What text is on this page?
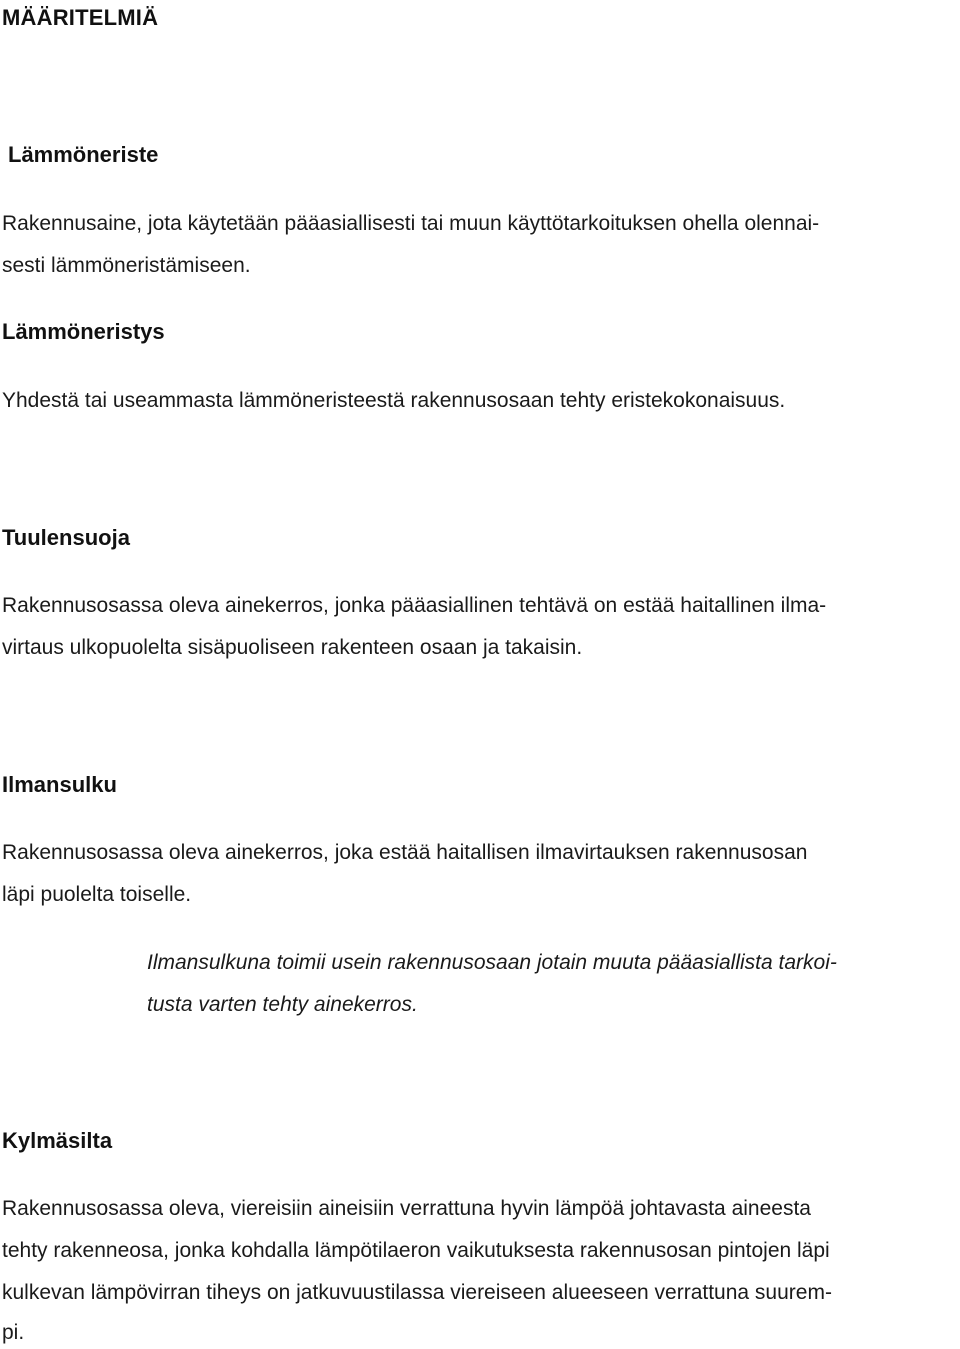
MÄÄRITELMIÄ

Lämmöneriste

Rakennusaine, jota käytetään pääasiallisesti tai muun käyttötarkoituksen ohella olennai-

sesti lämmöneristämiseen.

Lämmöneristys

Yhdestä tai useammasta lämmöneristeestä rakennusosaan tehty eristekokonaisuus.

Tuulensuoja

Rakennusosassa oleva ainekerros, jonka pääasiallinen tehtävä on estää haitallinen ilma-

virtaus ulkopuolelta sisäpuoliseen rakenteen osaan ja takaisin.

Ilmansulku

Rakennusosassa oleva ainekerros, joka estää haitallisen ilmavirtauksen rakennusosan

läpi puolelta toiselle.

Ilmansulkuna toimii usein rakennusosaan jotain muuta pääasiallista tarkoi-

tusta varten tehty ainekerros.

Kylmäsilta

Rakennusosassa oleva, viereisiin aineisiin verrattuna hyvin lämpöä johtavasta aineesta

tehty rakenneosa, jonka kohdalla lämpötilaeron vaikutuksesta rakennusosan pintojen läpi

kulkevan lämpövirran tiheys on jatkuvuustilassa viereiseen alueeseen verrattuna suurem-

pi.
